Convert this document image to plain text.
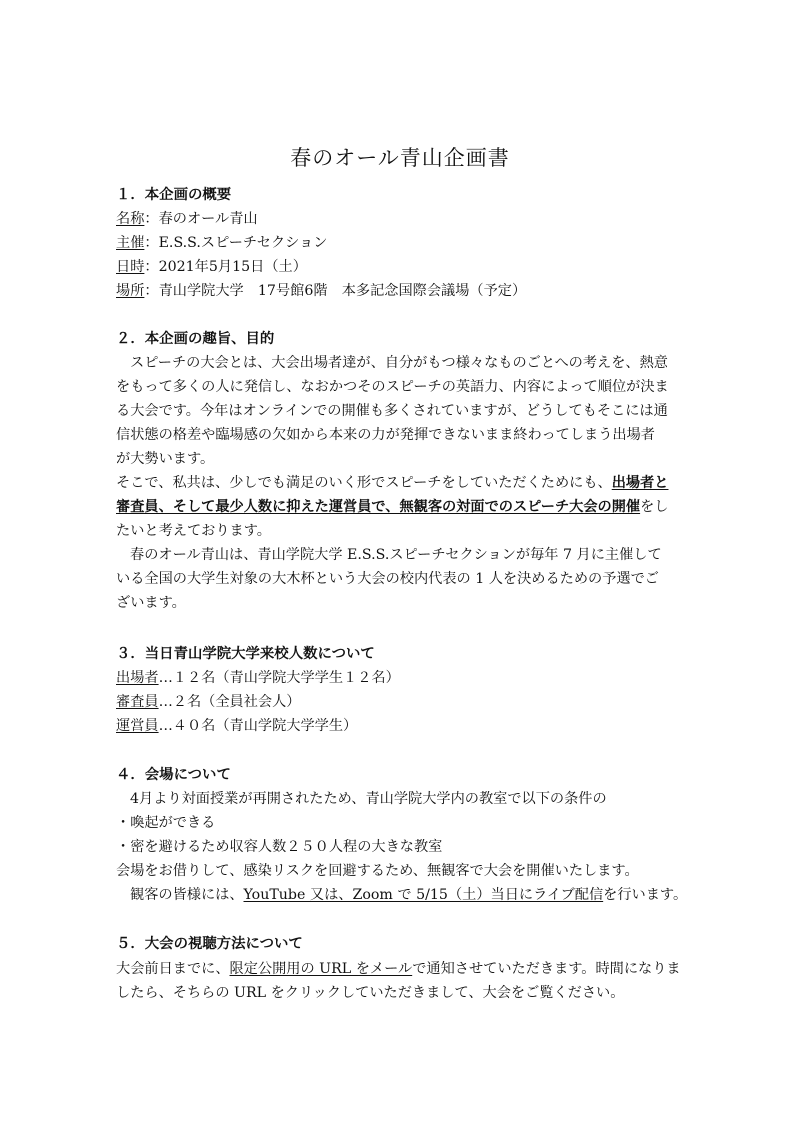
春のオール青山企画書
１．本企画の概要
名称：春のオール青山
主催：E.S.S.スピーチセクション
日時：2021年5月15日（土）
場所：青山学院大学　17号館6階　本多記念国際会議場（予定）
２．本企画の趣旨、目的
スピーチの大会とは、大会出場者達が、自分がもつ様々なものごとへの考えを、熱意
をもって多くの人に発信し、なおかつそのスピーチの英語力、内容によって順位が決ま
る大会です。今年はオンラインでの開催も多くされていますが、どうしてもそこには通
信状態の格差や臨場感の欠如から本来の力が発揮できないまま終わってしまう出場者
が大勢います。
そこで、私共は、少しでも満足のいく形でスピーチをしていただくためにも、出場者と
審査員、そして最少人数に抑えた運営員で、無観客の対面でのスピーチ大会の開催をし
たいと考えております。
春のオール青山は、青山学院大学 E.S.S.スピーチセクションが毎年 7 月に主催して
いる全国の大学生対象の大木杯という大会の校内代表の 1 人を決めるための予選でご
ざいます。
３．当日青山学院大学来校人数について
出場者…１２名（青山学院大学学生１２名）
審査員…２名（全員社会人）
運営員…４０名（青山学院大学学生）
４．会場について
4月より対面授業が再開されたため、青山学院大学内の教室で以下の条件の
・喚起ができる
・密を避けるため収容人数２５０人程の大きな教室
会場をお借りして、感染リスクを回避するため、無観客で大会を開催いたします。
観客の皆様には、YouTube 又は、Zoom で 5/15（土）当日にライブ配信を行います。
５．大会の視聴方法について
大会前日までに、限定公開用の URL をメールで通知させていただきます。時間になりま
したら、そちらの URL をクリックしていただきまして、大会をご覧ください。
